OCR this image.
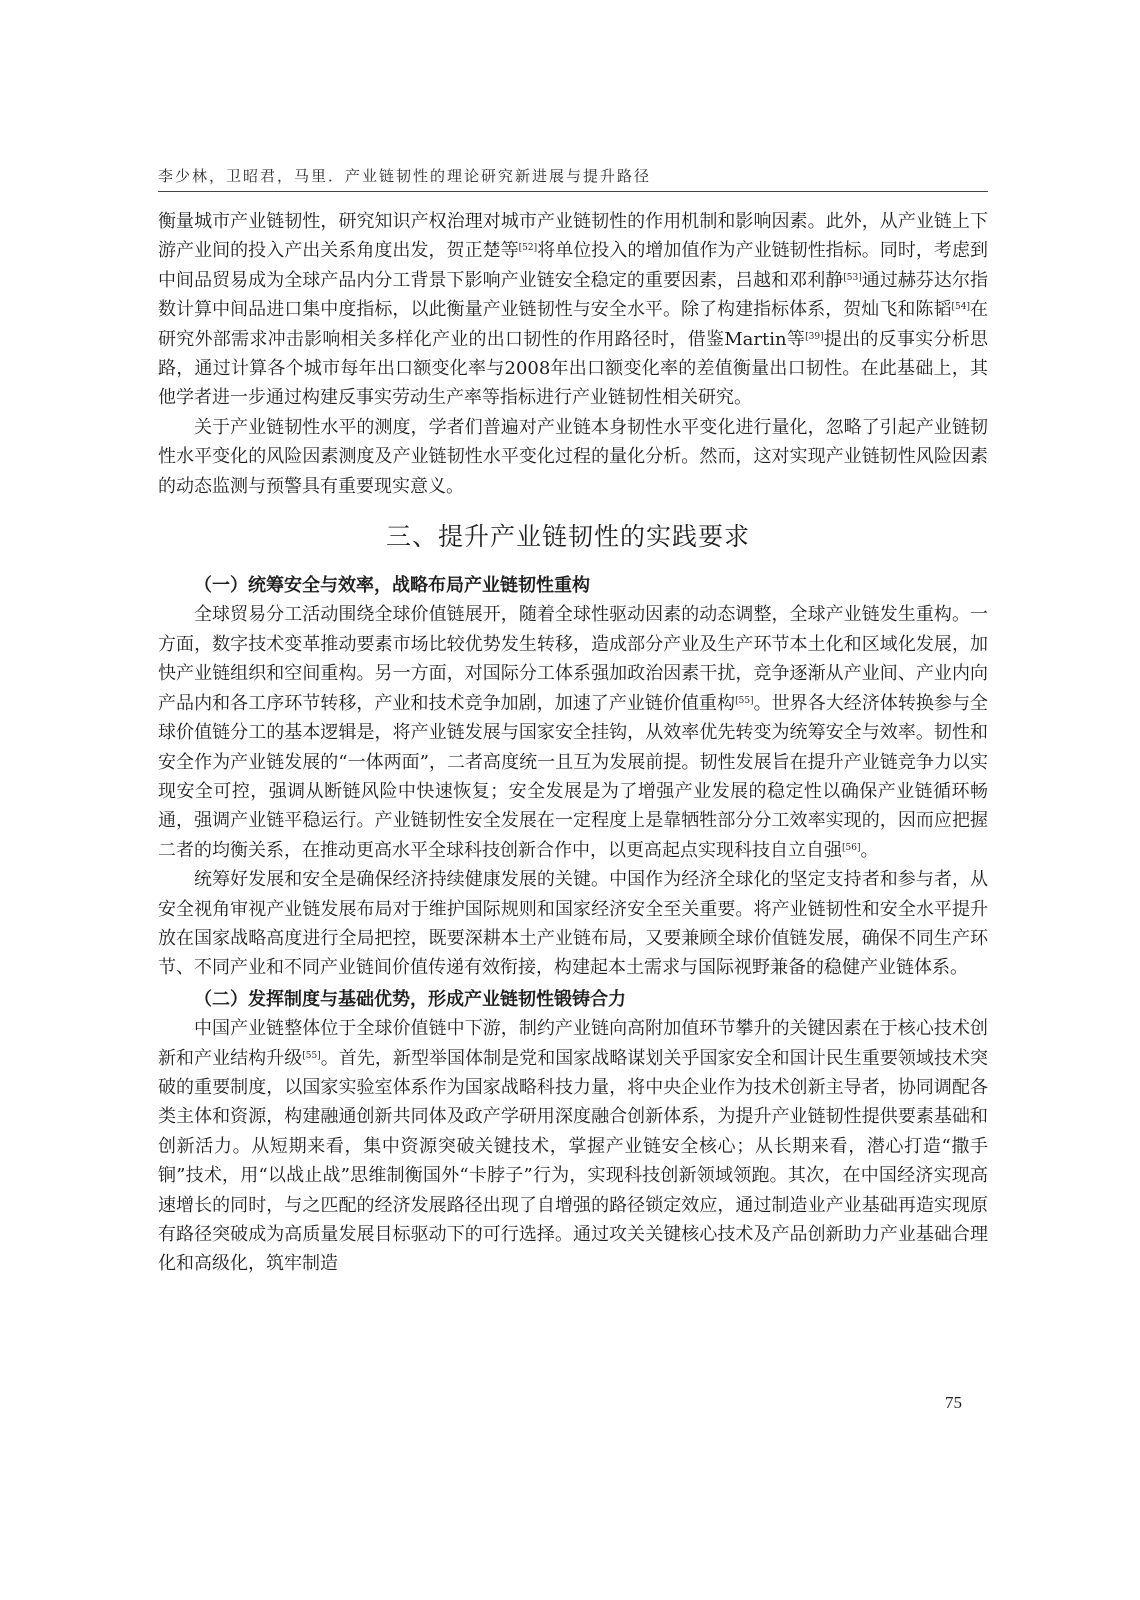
李少林，卫昭君，马里．产业链韧性的理论研究新进展与提升路径

衡量城市产业链韧性，研究知识产权治理对城市产业链韧性的作用机制和影响因素。此外，从产业链上下游产业间的投入产出关系角度出发，贺正楚等[52]将单位投入的增加值作为产业链韧性指标。同时，考虑到中间品贸易成为全球产品内分工背景下影响产业链安全稳定的重要因素，吕越和邓利静[53]通过赫芬达尔指数计算中间品进口集中度指标，以此衡量产业链韧性与安全水平。除了构建指标体系，贺灿飞和陈韬[54]在研究外部需求冲击影响相关多样化产业的出口韧性的作用路径时，借鉴Martin等[39]提出的反事实分析思路，通过计算各个城市每年出口额变化率与2008年出口额变化率的差值衡量出口韧性。在此基础上，其他学者进一步通过构建反事实劳动生产率等指标进行产业链韧性相关研究。

关于产业链韧性水平的测度，学者们普遍对产业链本身韧性水平变化进行量化，忽略了引起产业链韧性水平变化的风险因素测度及产业链韧性水平变化过程的量化分析。然而，这对实现产业链韧性风险因素的动态监测与预警具有重要现实意义。

三、提升产业链韧性的实践要求
（一）统筹安全与效率，战略布局产业链韧性重构

全球贸易分工活动围绕全球价值链展开，随着全球性驱动因素的动态调整，全球产业链发生重构。一方面，数字技术变革推动要素市场比较优势发生转移，造成部分产业及生产环节本土化和区域化发展，加快产业链组织和空间重构。另一方面，对国际分工体系强加政治因素干扰，竞争逐渐从产业间、产业内向产品内和各工序环节转移，产业和技术竞争加剧，加速了产业链价值重构[55]。世界各大经济体转换参与全球价值链分工的基本逻辑是，将产业链发展与国家安全挂钩，从效率优先转变为统筹安全与效率。韧性和安全作为产业链发展的“一体两面”，二者高度统一且互为发展前提。韧性发展旨在提升产业链竞争力以实现安全可控，强调从断链风险中快速恢复；安全发展是为了增强产业发展的稳定性以确保产业链循环畅通，强调产业链平稳运行。产业链韧性安全发展在一定程度上是靠牺牲部分分工效率实现的，因而应把握二者的均衡关系，在推动更高水平全球科技创新合作中，以更高起点实现科技自立自强[56]。

统筹好发展和安全是确保经济持续健康发展的关键。中国作为经济全球化的坚定支持者和参与者，从安全视角审视产业链发展布局对于维护国际规则和国家经济安全至关重要。将产业链韧性和安全水平提升放在国家战略高度进行全局把控，既要深耕本土产业链布局，又要兼顾全球价值链发展，确保不同生产环节、不同产业和不同产业链间价值传递有效衔接，构建起本土需求与国际视野兼备的稳健产业链体系。

（二）发挥制度与基础优势，形成产业链韧性锻铸合力

中国产业链整体位于全球价值链中下游，制约产业链向高附加值环节攀升的关键因素在于核心技术创新和产业结构升级[55]。首先，新型举国体制是党和国家战略谋划关乎国家安全和国计民生重要领域技术突破的重要制度，以国家实验室体系作为国家战略科技力量，将中央企业作为技术创新主导者，协同调配各类主体和资源，构建融通创新共同体及政产学研用深度融合创新体系，为提升产业链韧性提供要素基础和创新活力。从短期来看，集中资源突破关键技术，掌握产业链安全核心；从长期来看，潜心打造“撒手锏”技术，用“以战止战”思维制衡国外“卡脖子”行为，实现科技创新领域领跑。其次，在中国经济实现高速增长的同时，与之匹配的经济发展路径出现了自增强的路径锁定效应，通过制造业产业基础再造实现原有路径突破成为高质量发展目标驱动下的可行选择。通过攻关关键核心技术及产品创新助力产业基础合理化和高级化，筑牢制造

75
